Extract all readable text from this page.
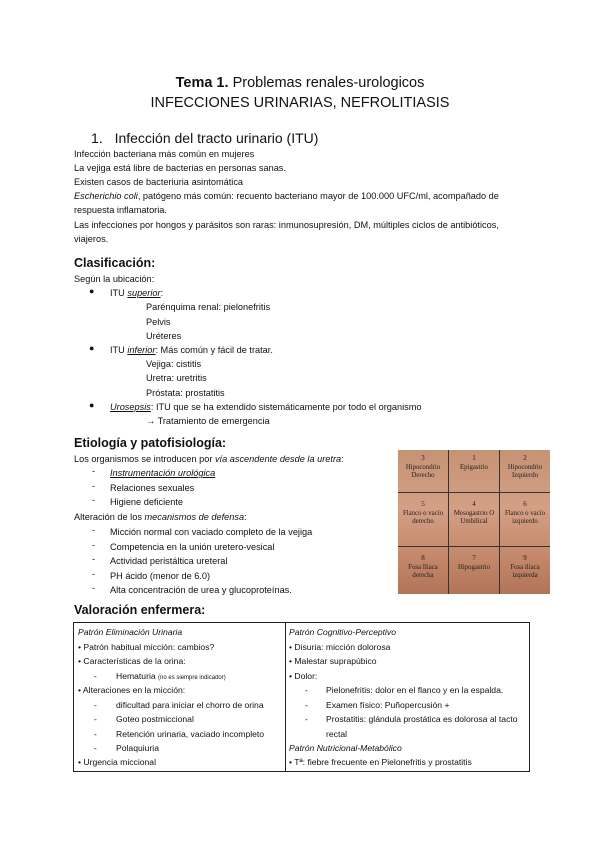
Tema 1. Problemas renales-urologicos
INFECCIONES URINARIAS, NEFROLITIASIS
1. Infección del tracto urinario (ITU)
Infección bacteriana más común en mujeres
La vejiga está libre de bacterias en personas sanas.
Existen casos de bacteriuria asintomática
Escherichio coli, patógeno más común: recuento bacteriano mayor de 100.000 UFC/ml, acompañado de
respuesta inflamatoria.
Las infecciones por hongos y parásitos son raras: inmunosupresión, DM, múltiples ciclos de antibióticos,
viajeros.
Clasificación:
Según la ubicación:
● ITU superior:
Parénquima renal: pielonefritis
Pelvis
Uréteres
● ITU inferior: Más común y fácil de tratar.
Vejiga: cistitis
Uretra: uretritis
Próstata: prostatitis
● Urosepsis: ITU que se ha extendido sistemáticamente por todo el organismo
→ Tratamiento de emergencia
Etiología y patofisiología:
Los organismos se introducen por vía ascendente desde la uretra:
- Instrumentación urológica
- Relaciones sexuales
- Higiene deficiente
Alteración de los mecanismos de defensa:
- Micción normal con vaciado completo de la vejiga
- Competencia en la unión uretero-vesical
- Actividad peristáltica ureteral
- PH ácido (menor de 6.0)
- Alta concentración de urea y glucoproteínas.
3
Hipocondrio Derecho
1
Epigastrio
2
Hipocondrio Izquierdo
5
Flanco o vacío derecho
4
Mesogastrio O Umbilical
6
Flanco o vacío izquierdo
8
Fosa Iliaca derecha
7
Hipogastrio
9
Fosa iliaca izquierda
Valoración enfermera:
Patrón Eliminación Urinaria
• Patrón habitual micción: cambios?
• Características de la orina:
- Hematuria (no es siempre indicador)
• Alteraciones en la micción:
- dificultad para iniciar el chorro de orina
- Goteo postmiccional
- Retención urinaria, vaciado incompleto
- Polaquiuria
• Urgencia miccional
Patrón Cognitivo-Perceptivo
• Disuria: micción dolorosa
• Malestar suprapúbico
• Dolor:
- Pielonefritis: dolor en el flanco y en la espalda.
- Examen físico: Puñopercusión +
- Prostatitis: glándula prostática es dolorosa al tacto
rectal
Patrón Nutricional-Metabólico
• Tª: fiebre frecuente en Pielonefritis y prostatitis
